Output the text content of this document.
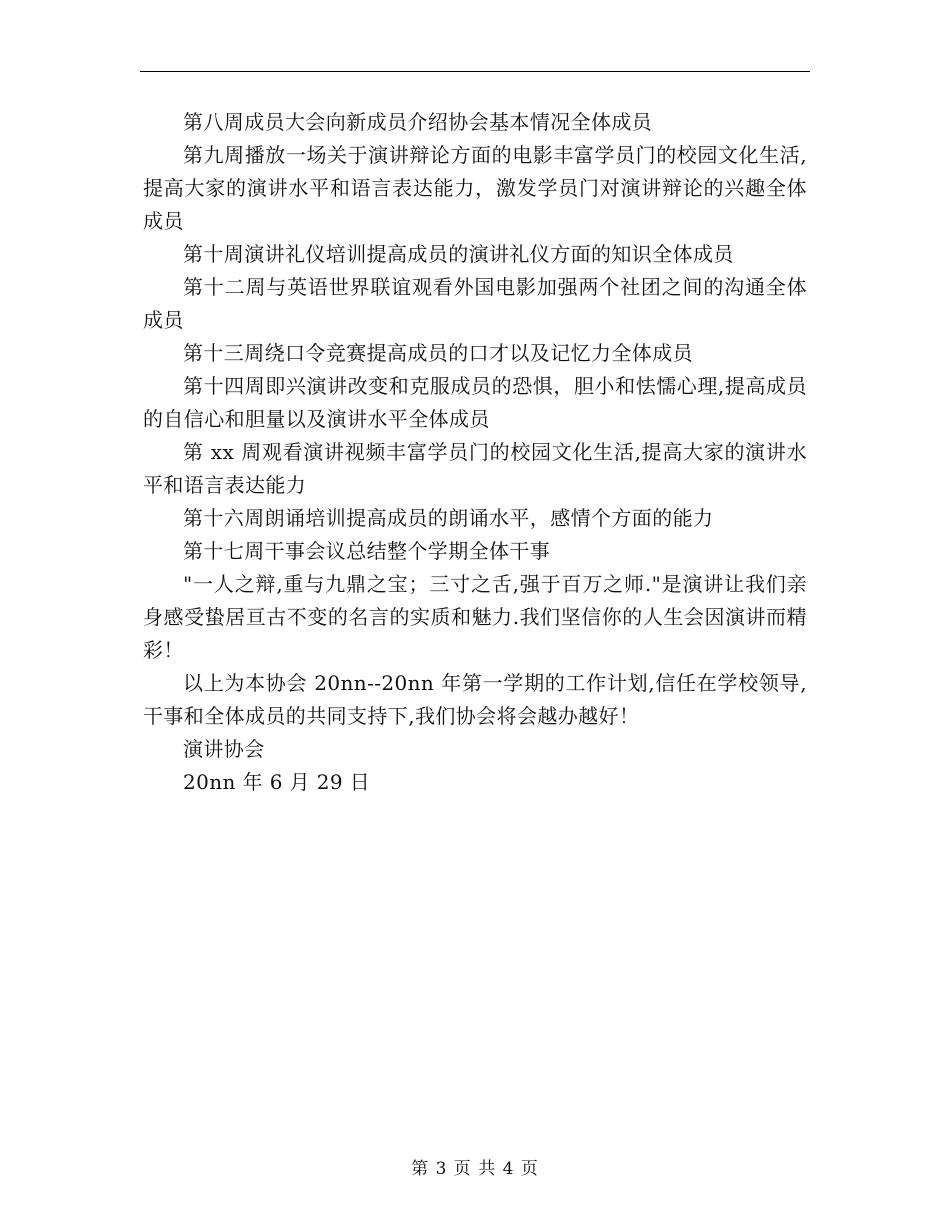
第八周成员大会向新成员介绍协会基本情况全体成员

第九周播放一场关于演讲辩论方面的电影丰富学员门的校园文化生活,提高大家的演讲水平和语言表达能力，激发学员门对演讲辩论的兴趣全体成员

第十周演讲礼仪培训提高成员的演讲礼仪方面的知识全体成员

第十二周与英语世界联谊观看外国电影加强两个社团之间的沟通全体成员

第十三周绕口令竞赛提高成员的口才以及记忆力全体成员

第十四周即兴演讲改变和克服成员的恐惧，胆小和怯懦心理,提高成员的自信心和胆量以及演讲水平全体成员

第 xx 周观看演讲视频丰富学员门的校园文化生活,提高大家的演讲水平和语言表达能力

第十六周朗诵培训提高成员的朗诵水平，感情个方面的能力

第十七周干事会议总结整个学期全体干事

"一人之辩,重与九鼎之宝；三寸之舌,强于百万之师."是演讲让我们亲身感受蛰居亘古不变的名言的实质和魅力.我们坚信你的人生会因演讲而精彩！

以上为本协会 20nn--20nn 年第一学期的工作计划,信任在学校领导,干事和全体成员的共同支持下,我们协会将会越办越好！

演讲协会

20nn 年 6 月 29 日

第 3 页 共 4 页
